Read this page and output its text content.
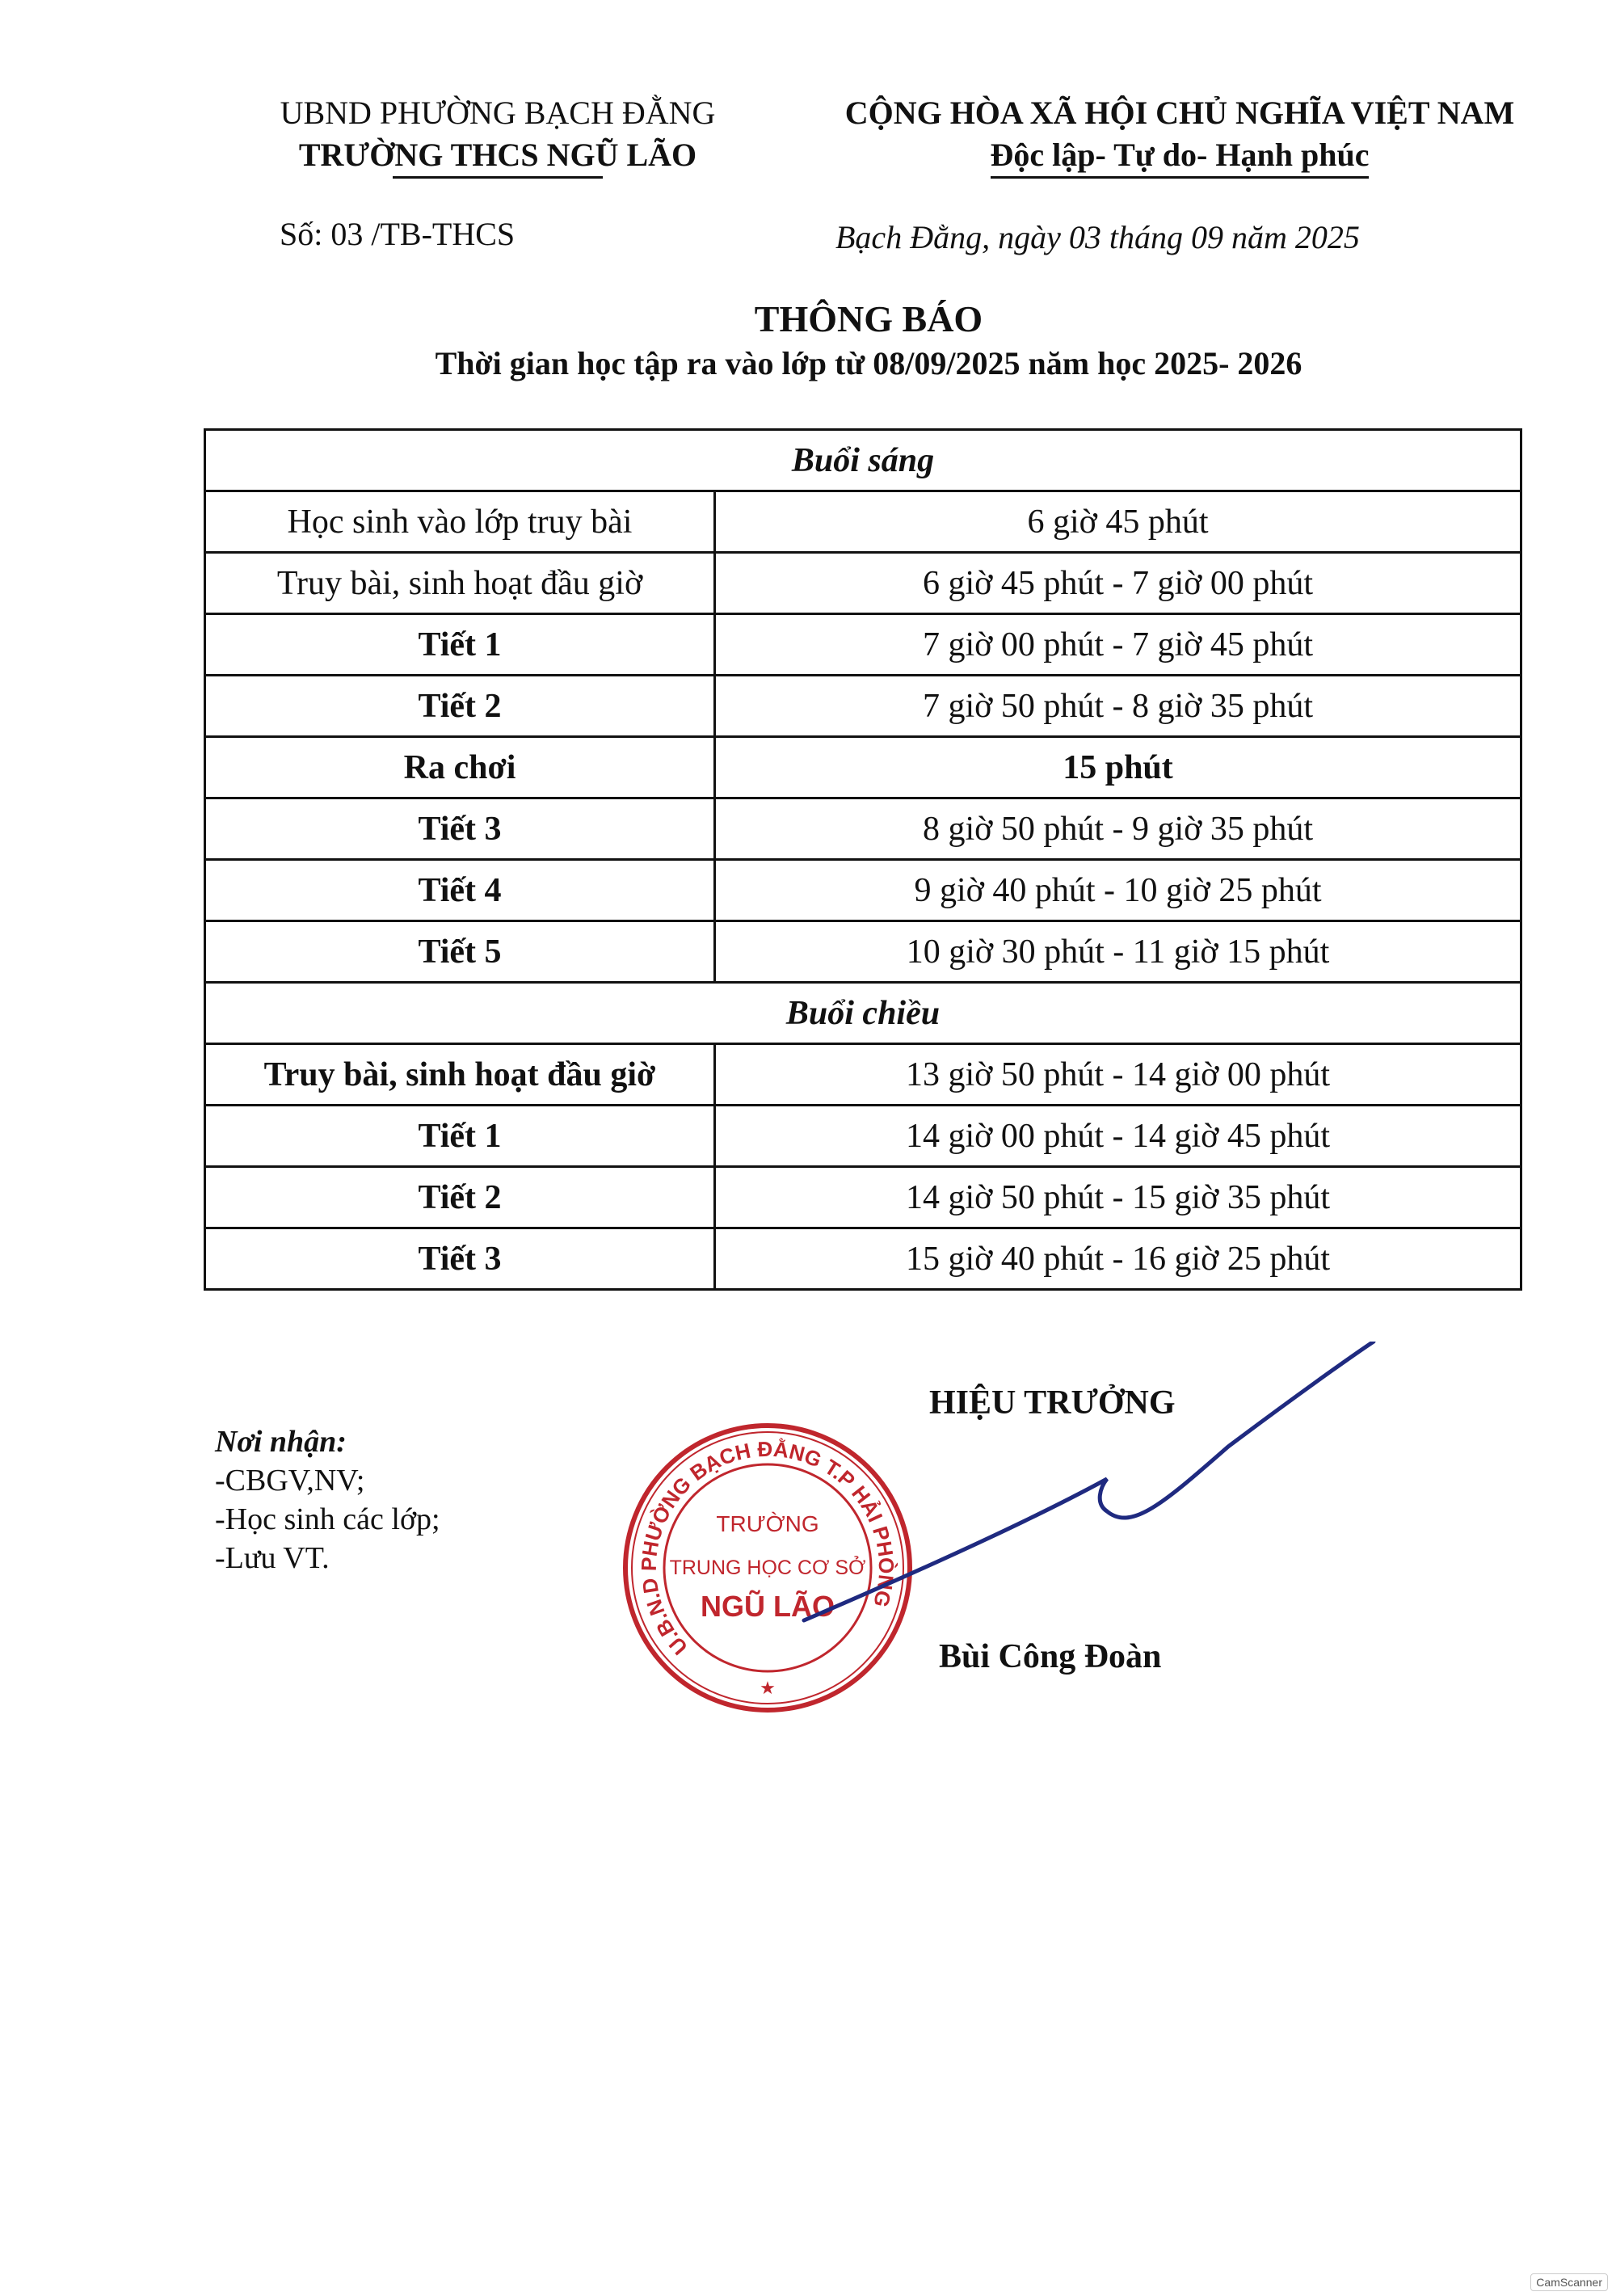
UBND PHƯỜNG BẠCH ĐẰNG
TRƯỜNG THCS NGŨ LÃO
CỘNG HÒA XÃ HỘI CHỦ NGHĨA VIỆT NAM
Độc lập- Tự do- Hạnh phúc
Số: 03 /TB-THCS	Bạch Đằng, ngày 03 tháng 09 năm 2025
THÔNG BÁO
Thời gian học tập ra vào lớp từ 08/09/2025 năm học 2025- 2026
Buổi sáng	
Học sinh vào lớp truy bài	6 giờ 45 phút
Truy bài, sinh hoạt đầu giờ	6 giờ 45 phút - 7 giờ 00 phút
Tiết 1	7 giờ 00 phút - 7 giờ 45 phút
Tiết 2	7 giờ 50 phút - 8 giờ 35 phút
Ra chơi	15 phút
Tiết 3	8 giờ 50 phút - 9 giờ 35 phút
Tiết 4	9 giờ 40 phút - 10 giờ 25 phút
Tiết 5	10 giờ 30 phút - 11 giờ 15 phút
Buổi chiều	
Truy bài, sinh hoạt đầu giờ	13 giờ 50 phút - 14 giờ 00 phút
Tiết 1	14 giờ 00 phút - 14 giờ 45 phút
Tiết 2	14 giờ 50 phút - 15 giờ 35 phút
Tiết 3	15 giờ 40 phút - 16 giờ 25 phút
Nơi nhận:
-CBGV,NV;
-Học sinh các lớp;
-Lưu VT.
HIỆU TRƯỞNG
U.B.N.D PHƯỜNG BẠCH ĐẰNG T.P HẢI PHÒNG
★
TRƯỜNG
TRUNG HỌC CƠ SỞ
NGŨ LÃO
Bùi Công Đoàn
CamScanner
